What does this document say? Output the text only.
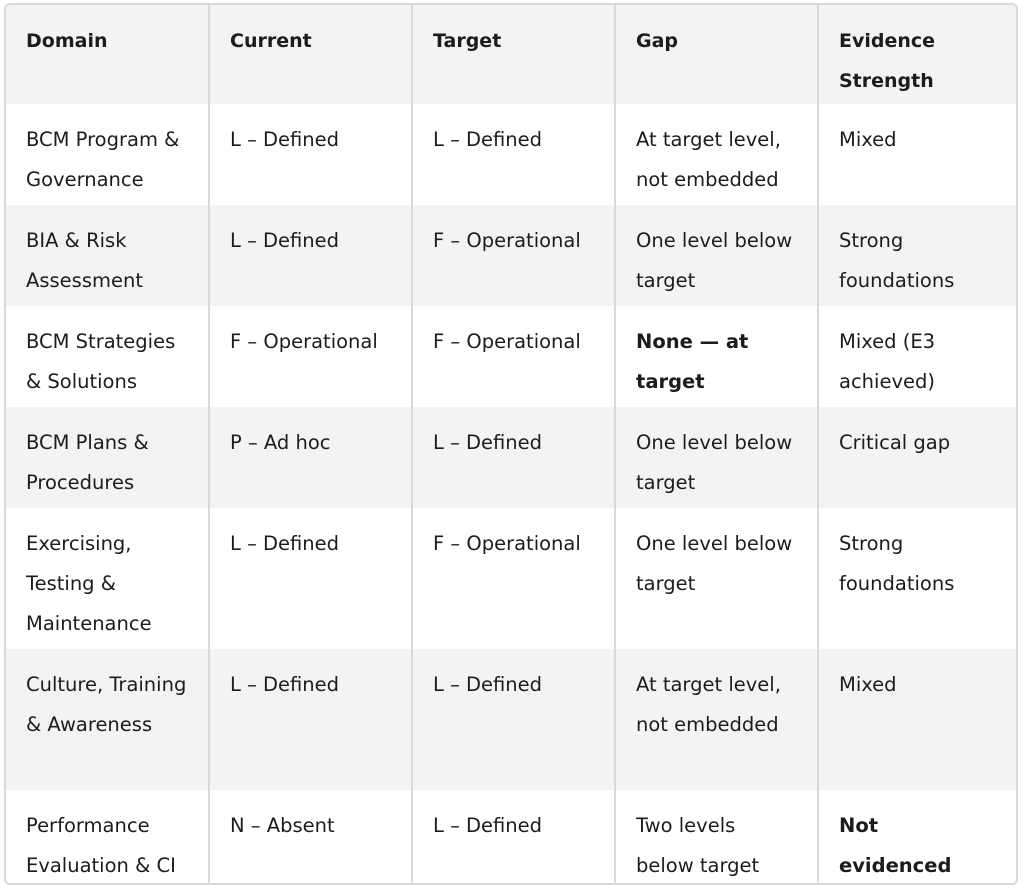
Domain	Current	Target	Gap	Evidence Strength
BCM Program & Governance	L – Defined	L – Defined	At target level, not embedded	Mixed
BIA & Risk Assessment	L – Defined	F – Operational	One level below target	Strong foundations
BCM Strategies & Solutions	F – Operational	F – Operational	None — at target	Mixed (E3 achieved)
BCM Plans & Procedures	P – Ad hoc	L – Defined	One level below target	Critical gap
Exercising, Testing & Maintenance	L – Defined	F – Operational	One level below target	Strong foundations
Culture, Training & Awareness	L – Defined	L – Defined	At target level, not embedded	Mixed
Performance Evaluation & CI	N – Absent	L – Defined	Two levels below target	Not evidenced
